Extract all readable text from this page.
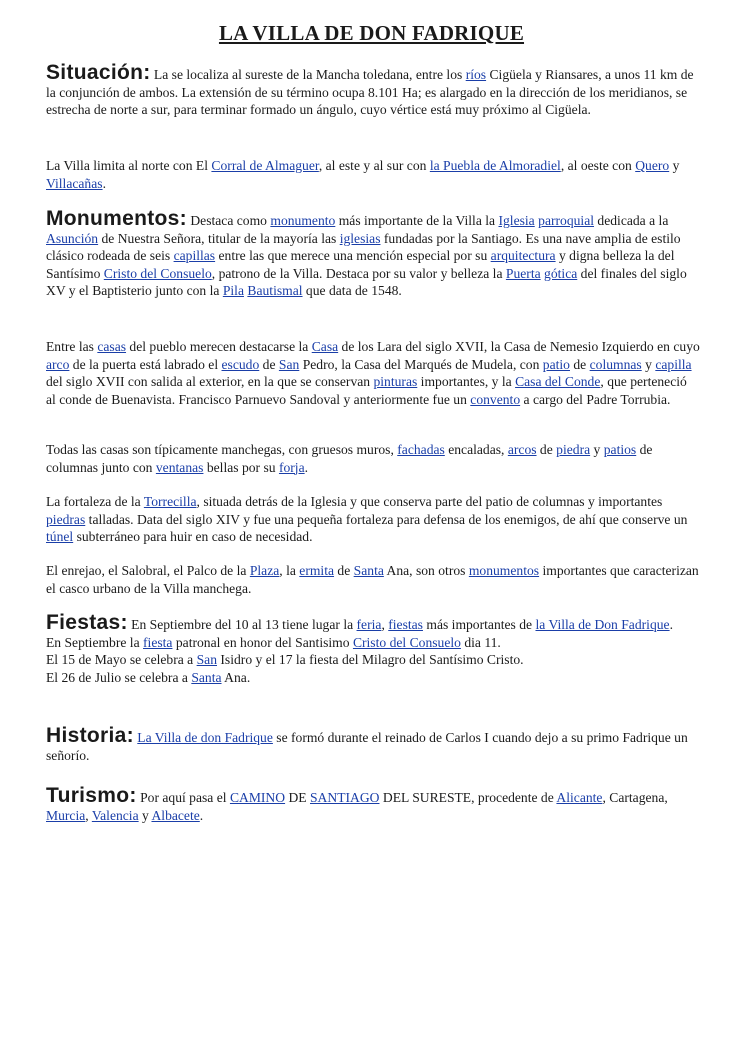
LA VILLA DE DON FADRIQUE

Situación: La se localiza al sureste de la Mancha toledana, entre los ríos Cigüela y Riansares, a unos 11 km de la conjunción de ambos. La extensión de su término ocupa 8.101 Ha; es alargado en la dirección de los meridianos, se estrecha de norte a sur, para terminar formado un ángulo, cuyo vértice está muy próximo al Cigüela.

La Villa limita al norte con El Corral de Almaguer, al este y al sur con la Puebla de Almoradiel, al oeste con Quero y Villacañas.

Monumentos: Destaca como monumento más importante de la Villa la Iglesia parroquial dedicada a la Asunción de Nuestra Señora, titular de la mayoría las iglesias fundadas por la Santiago. Es una nave amplia de estilo clásico rodeada de seis capillas entre las que merece una mención especial por su arquitectura y digna belleza la del Santísimo Cristo del Consuelo, patrono de la Villa. Destaca por su valor y belleza la Puerta gótica del finales del siglo XV y el Baptisterio junto con la Pila Bautismal que data de 1548.

Entre las casas del pueblo merecen destacarse la Casa de los Lara del siglo XVII, la Casa de Nemesio Izquierdo en cuyo arco de la puerta está labrado el escudo de San Pedro, la Casa del Marqués de Mudela, con patio de columnas y capilla del siglo XVII con salida al exterior, en la que se conservan pinturas importantes, y la Casa del Conde, que perteneció al conde de Buenavista. Francisco Parnuevo Sandoval y anteriormente fue un convento a cargo del Padre Torrubia.

Todas las casas son típicamente manchegas, con gruesos muros, fachadas encaladas, arcos de piedra y patios de columnas junto con ventanas bellas por su forja.

La fortaleza de la Torrecilla, situada detrás de la Iglesia y que conserva parte del patio de columnas y importantes piedras talladas. Data del siglo XIV y fue una pequeña fortaleza para defensa de los enemigos, de ahí que conserve un túnel subterráneo para huir en caso de necesidad.

El enrejao, el Salobral, el Palco de la Plaza, la ermita de Santa Ana, son otros monumentos importantes que caracterizan el casco urbano de la Villa manchega.

Fiestas: En Septiembre del 10 al 13 tiene lugar la feria, fiestas más importantes de la Villa de Don Fadrique.
En Septiembre la fiesta patronal en honor del Santisimo Cristo del Consuelo dia 11.
El 15 de Mayo se celebra a San Isidro y el 17 la fiesta del Milagro del Santísimo Cristo.
El 26 de Julio se celebra a Santa Ana.

Historia: La Villa de don Fadrique se formó durante el reinado de Carlos I cuando dejo a su primo Fadrique un señorío.

Turismo: Por aquí pasa el CAMINO DE SANTIAGO DEL SURESTE, procedente de Alicante, Cartagena, Murcia, Valencia y Albacete.
